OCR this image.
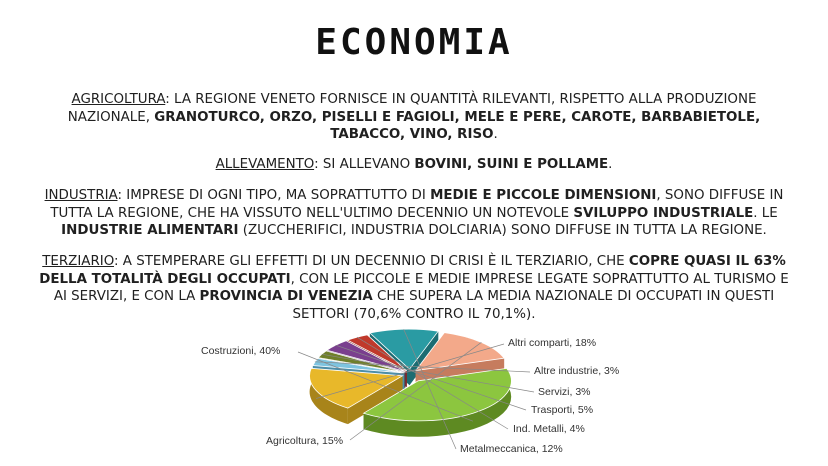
ECONOMIA
AGRICOLTURA: LA REGIONE VENETO FORNISCE IN QUANTITÀ RILEVANTI, RISPETTO ALLA PRODUZIONE NAZIONALE, GRANOTURCO, ORZO, PISELLI E FAGIOLI, MELE E PERE, CAROTE, BARBABIETOLE, TABACCO, VINO, RISO.
ALLEVAMENTO: SI ALLEVANO BOVINI, SUINI E POLLAME.
INDUSTRIA: IMPRESE DI OGNI TIPO, MA SOPRATTUTTO DI MEDIE E PICCOLE DIMENSIONI, SONO DIFFUSE IN TUTTA LA REGIONE, CHE HA VISSUTO NELL'ULTIMO DECENNIO UN NOTEVOLE SVILUPPO INDUSTRIALE. LE INDUSTRIE ALIMENTARI (ZUCCHERIFICI, INDUSTRIA DOLCIARIA) SONO DIFFUSE IN TUTTA LA REGIONE.
TERZIARIO: A STEMPERARE GLI EFFETTI DI UN DECENNIO DI CRISI È IL TERZIARIO, CHE COPRE QUASI IL 63% DELLA TOTALITÀ DEGLI OCCUPATI, CON LE PICCOLE E MEDIE IMPRESE LEGATE SOPRATTUTTO AL TURISMO E AI SERVIZI, E CON LA PROVINCIA DI VENEZIA CHE SUPERA LA MEDIA NAZIONALE DI OCCUPATI IN QUESTI SETTORI (70,6% CONTRO IL 70,1%).
Costruzioni, 40%
Altri comparti, 18%
Altre industrie, 3%
Servizi, 3%
Trasporti, 5%
Ind. Metalli, 4%
Metalmeccanica, 12%
Agricoltura, 15%
